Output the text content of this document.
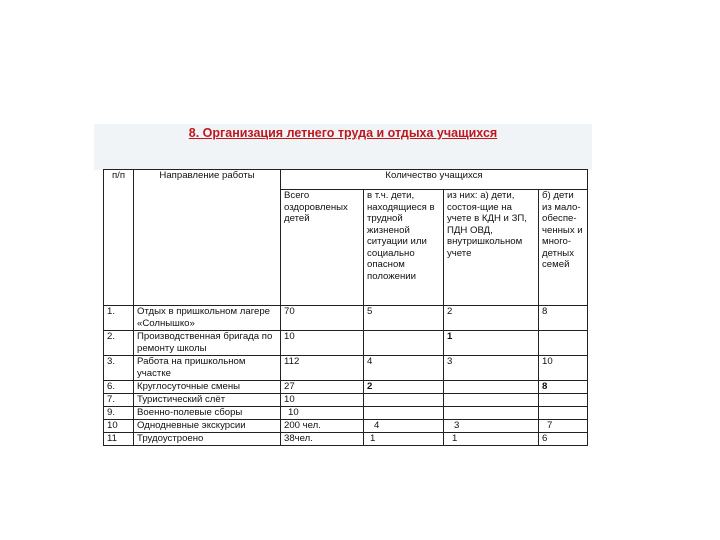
8. Организация летнего труда и отдыха учащихся
п/п	Направление работы	Количество учащихся			
		Всего оздоровленых детей	в т.ч. дети, находящиеся в трудной жизненой ситуации или социально опасном положении	из них: а) дети, состоя-щие на учете в КДН и ЗП, ПДН ОВД, внутришкольном учете	б) дети из мало-обеспе-ченных и много-детных семей
1.	Отдых в пришкольном лагере «Солнышко»	70	5	2	8
2.	Производственная бригада по ремонту школы	10		1	
3.	Работа на пришкольном участке	112	4	3	10
6.	Круглосуточные смены	27	2		8
7.	Туристический слёт	10			
9.	Военно-полевые сборы	10			
10	Однодневные экскурсии	200 чел.	4	3	7
11	Трудоустроено	38чел.	1	1	6
